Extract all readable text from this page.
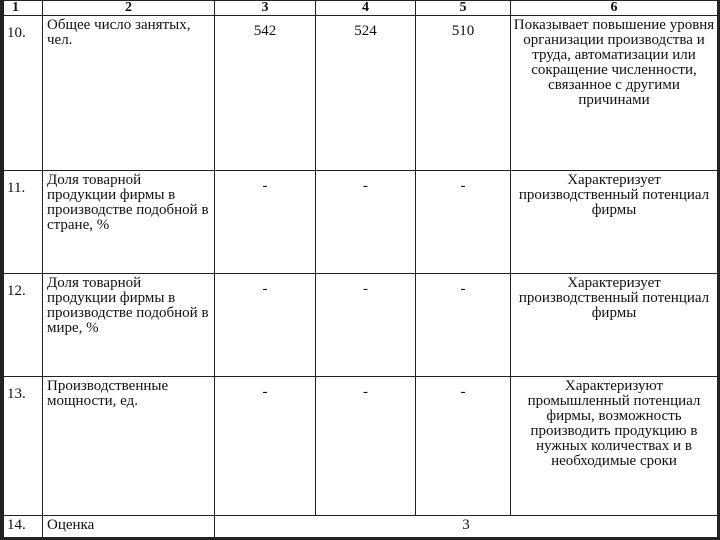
1	2	3	4	5	6
10.	Общее число занятых, чел.	542	524	510	Показывает повышение уровня организации производства и труда, автоматизации или сокращение численности, связанное с другими причинами
11.	Доля товарной продукции фирмы в производстве подобной в стране, %	-	-	-	Характеризует производственный потенциал фирмы
12.	Доля товарной продукции фирмы в производстве подобной в мире, %	-	-	-	Характеризует производственный потенциал фирмы
13.	Производственные мощности, ед.	-	-	-	Характеризуют промышленный потенциал фирмы, возможность производить продукцию в нужных количествах и в необходимые сроки
14.	Оценка	3			
